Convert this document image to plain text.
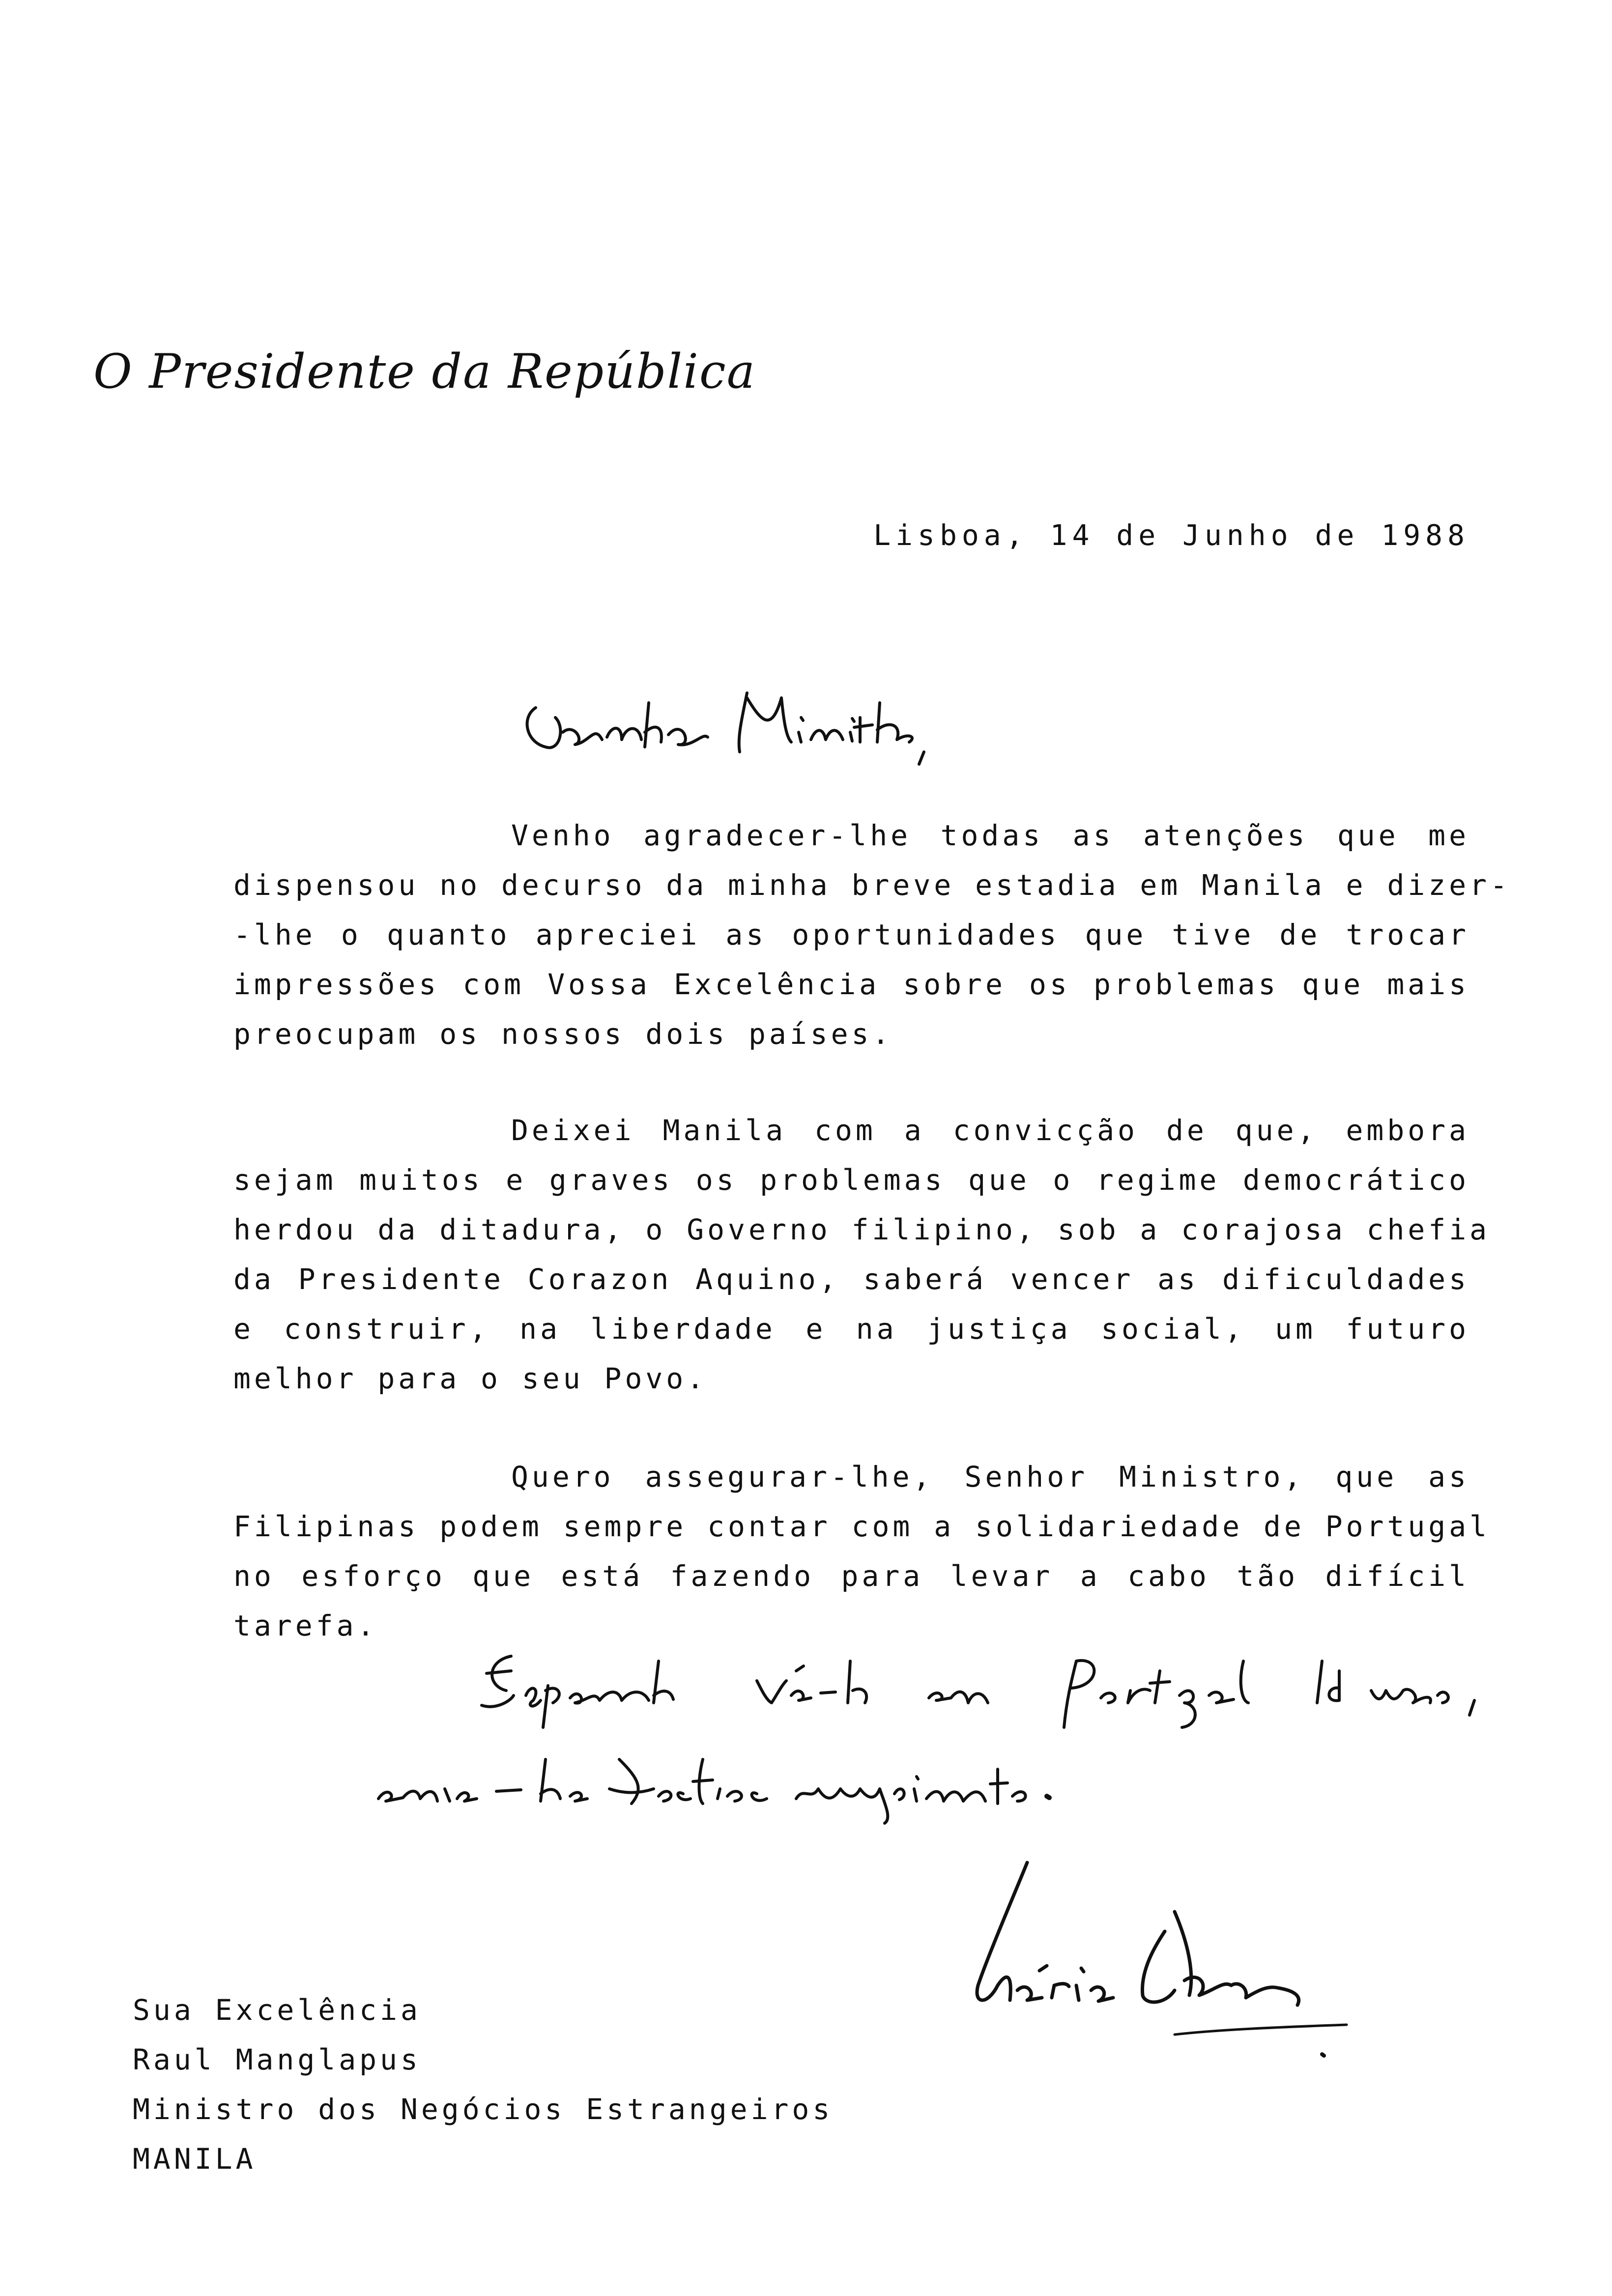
O Presidente da República
Lisboa, 14 de Junho de 1988
Venho agradecer-lhe todas as atenções que me
dispensou no decurso da minha breve estadia em Manila e dizer-
-lhe o quanto apreciei as oportunidades que tive de trocar
impressões com Vossa Excelência sobre os problemas que mais
preocupam os nossos dois países.
Deixei Manila com a convicção de que, embora
sejam muitos e graves os problemas que o regime democrático
herdou da ditadura, o Governo filipino, sob a corajosa chefia
da Presidente Corazon Aquino, saberá vencer as dificuldades
e construir, na liberdade e na justiça social, um futuro
melhor para o seu Povo.
Quero assegurar-lhe, Senhor Ministro, que as
Filipinas podem sempre contar com a solidariedade de Portugal
no esforço que está fazendo para levar a cabo tão difícil
tarefa.
Sua Excelência
Raul Manglapus
Ministro dos Negócios Estrangeiros
MANILA
